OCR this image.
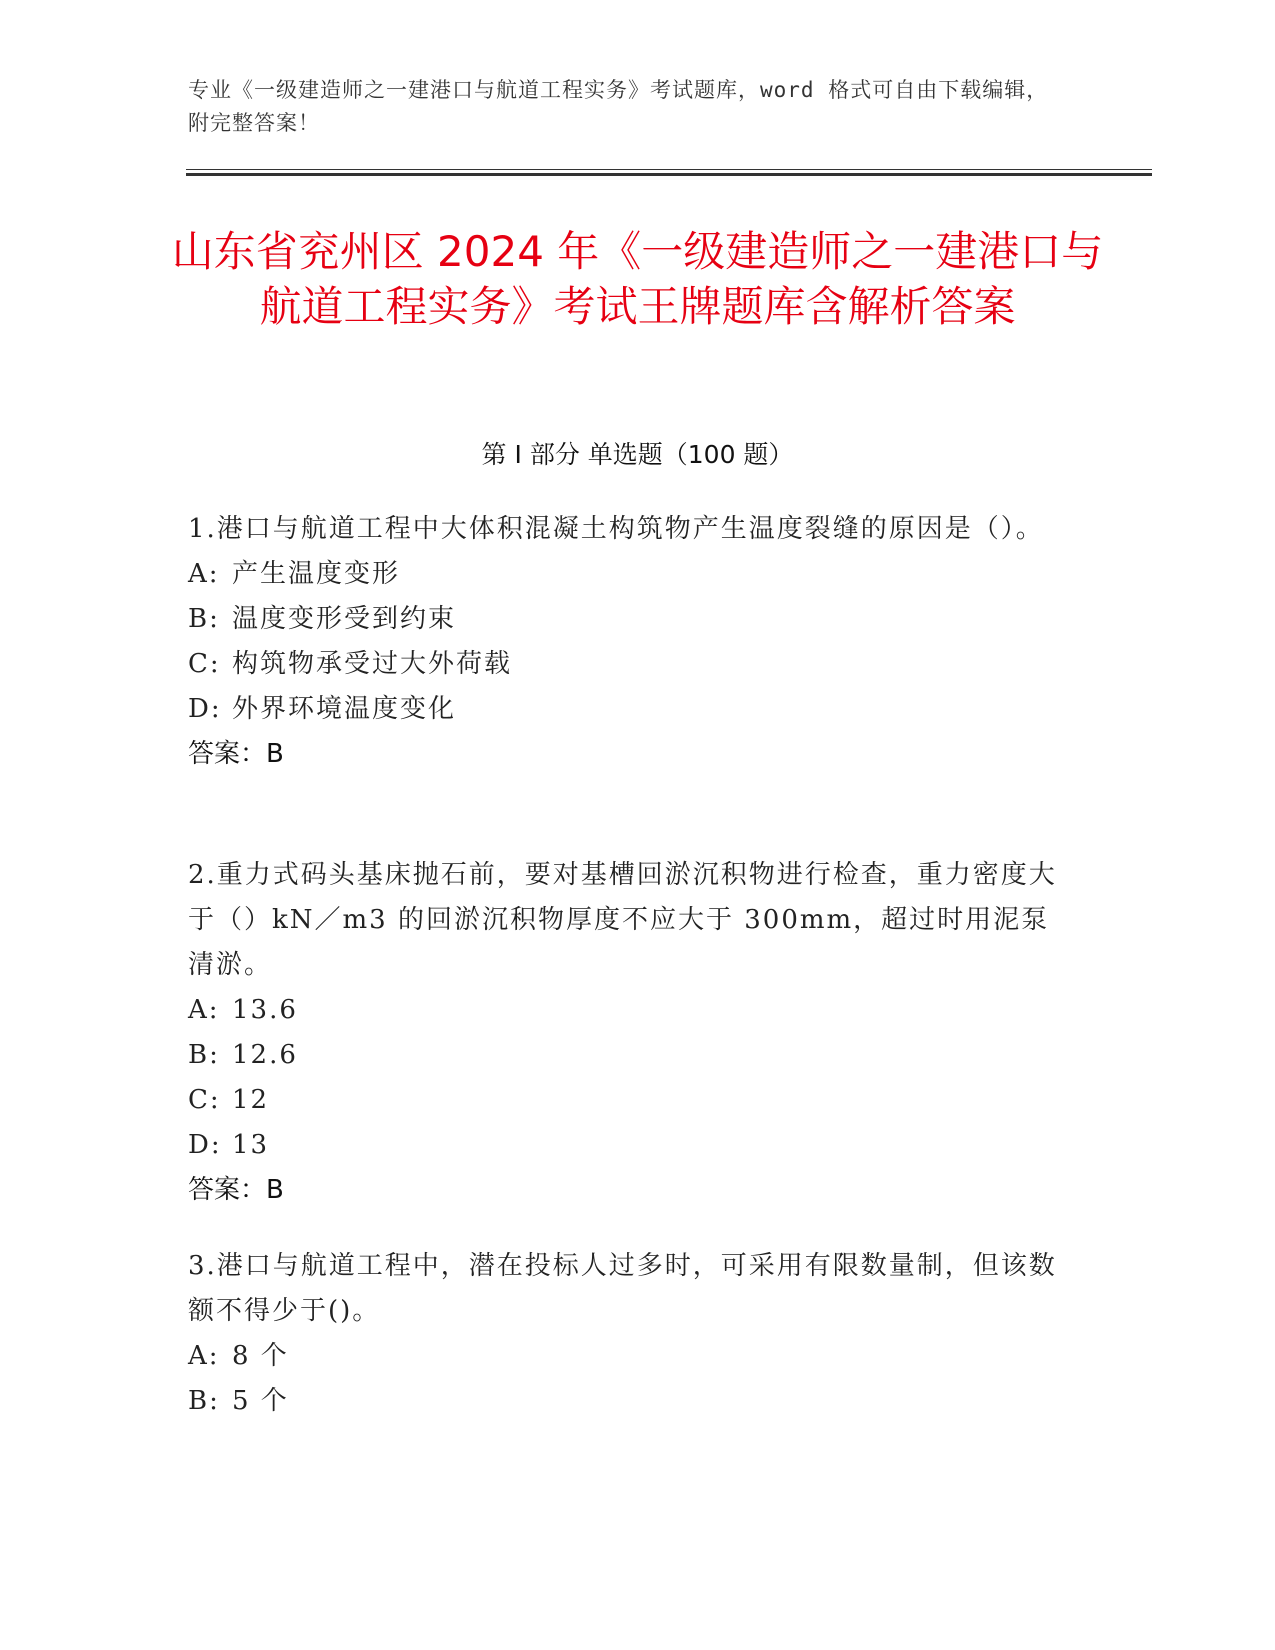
专业《一级建造师之一建港口与航道工程实务》考试题库，word 格式可自由下载编辑，附完整答案！
山东省兖州区 2024 年《一级建造师之一建港口与航道工程实务》考试王牌题库含解析答案
第 I 部分 单选题（100 题）

1.港口与航道工程中大体积混凝土构筑物产生温度裂缝的原因是（）。

A: 产生温度变形

B: 温度变形受到约束

C: 构筑物承受过大外荷载

D: 外界环境温度变化

答案：B

2.重力式码头基床抛石前，要对基槽回淤沉积物进行检查，重力密度大于（）kN／m3 的回淤沉积物厚度不应大于 300mm，超过时用泥泵清淤。

A: 13.6

B: 12.6

C: 12

D: 13

答案：B

3.港口与航道工程中，潜在投标人过多时，可采用有限数量制，但该数额不得少于()。

A: 8 个

B: 5 个
